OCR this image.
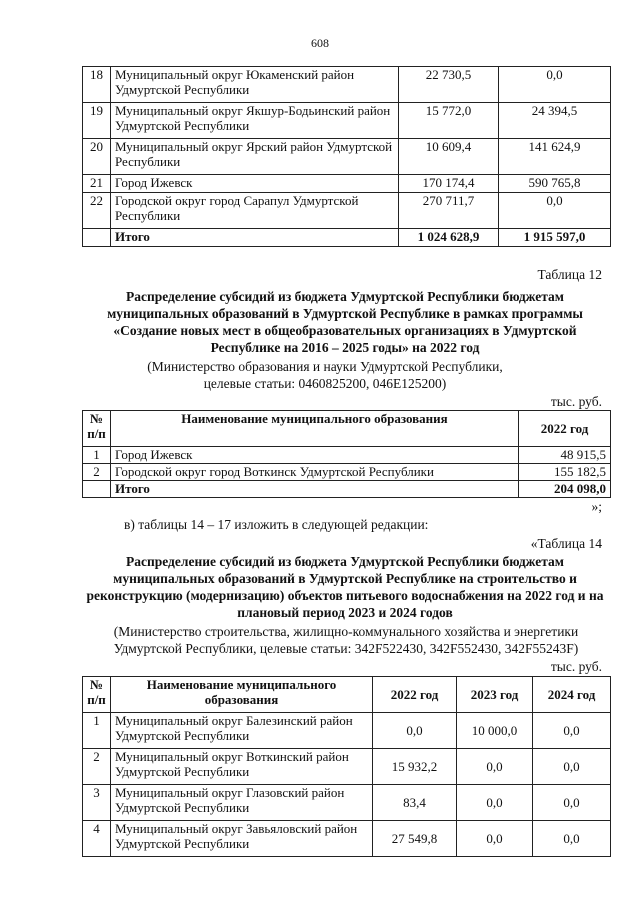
608
18	Муниципальный округ Юкаменский район Удмуртской Республики	22 730,5	0,0
19	Муниципальный округ Якшур-Бодьинский район Удмуртской Республики	15 772,0	24 394,5
20	Муниципальный округ Ярский район Удмуртской Республики	10 609,4	141 624,9
21	Город Ижевск	170 174,4	590 765,8
22	Городской округ город Сарапул Удмуртской Республики	270 711,7	0,0
	Итого	1 024 628,9	1 915 597,0
Таблица 12
Распределение субсидий из бюджета Удмуртской Республики бюджетам муниципальных образований в Удмуртской Республике в рамках программы «Создание новых мест в общеобразовательных организациях в Удмуртской Республике на 2016 – 2025 годы» на 2022 год
(Министерство образования и науки Удмуртской Республики,
целевые статьи: 0460825200, 046E125200)
тыс. руб.
№ п/п	Наименование муниципального образования	2022 год
1	Город Ижевск	48 915,5
2	Городской округ город Воткинск Удмуртской Республики	155 182,5
	Итого	204 098,0
»;
в) таблицы 14 – 17 изложить в следующей редакции:
«Таблица 14
Распределение субсидий из бюджета Удмуртской Республики бюджетам муниципальных образований в Удмуртской Республике на строительство и реконструкцию (модернизацию) объектов питьевого водоснабжения на 2022 год и на плановый период 2023 и 2024 годов
(Министерство строительства, жилищно-коммунального хозяйства и энергетики
Удмуртской Республики, целевые статьи: 342F522430, 342F552430, 342F55243F)
тыс. руб.
№ п/п	Наименование муниципального образования	2022 год	2023 год	2024 год
1	Муниципальный округ Балезинский район Удмуртской Республики	0,0	10 000,0	0,0
2	Муниципальный округ Воткинский район Удмуртской Республики	15 932,2	0,0	0,0
3	Муниципальный округ Глазовский район Удмуртской Республики	83,4	0,0	0,0
4	Муниципальный округ Завьяловский район Удмуртской Республики	27 549,8	0,0	0,0
